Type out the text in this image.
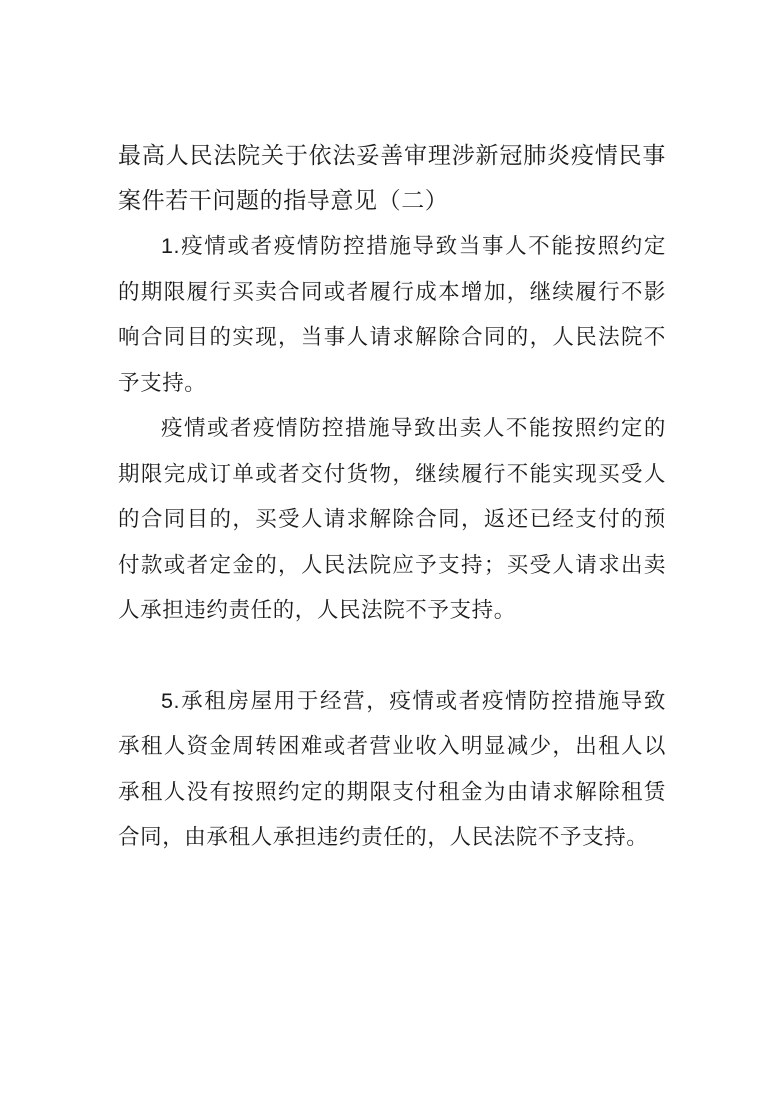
最高人民法院关于依法妥善审理涉新冠肺炎疫情民事案件若干问题的指导意见（二）

1.疫情或者疫情防控措施导致当事人不能按照约定的期限履行买卖合同或者履行成本增加，继续履行不影响合同目的实现，当事人请求解除合同的，人民法院不予支持。

疫情或者疫情防控措施导致出卖人不能按照约定的期限完成订单或者交付货物，继续履行不能实现买受人的合同目的，买受人请求解除合同，返还已经支付的预付款或者定金的，人民法院应予支持；买受人请求出卖人承担违约责任的，人民法院不予支持。

5.承租房屋用于经营，疫情或者疫情防控措施导致承租人资金周转困难或者营业收入明显减少，出租人以承租人没有按照约定的期限支付租金为由请求解除租赁合同，由承租人承担违约责任的，人民法院不予支持。
